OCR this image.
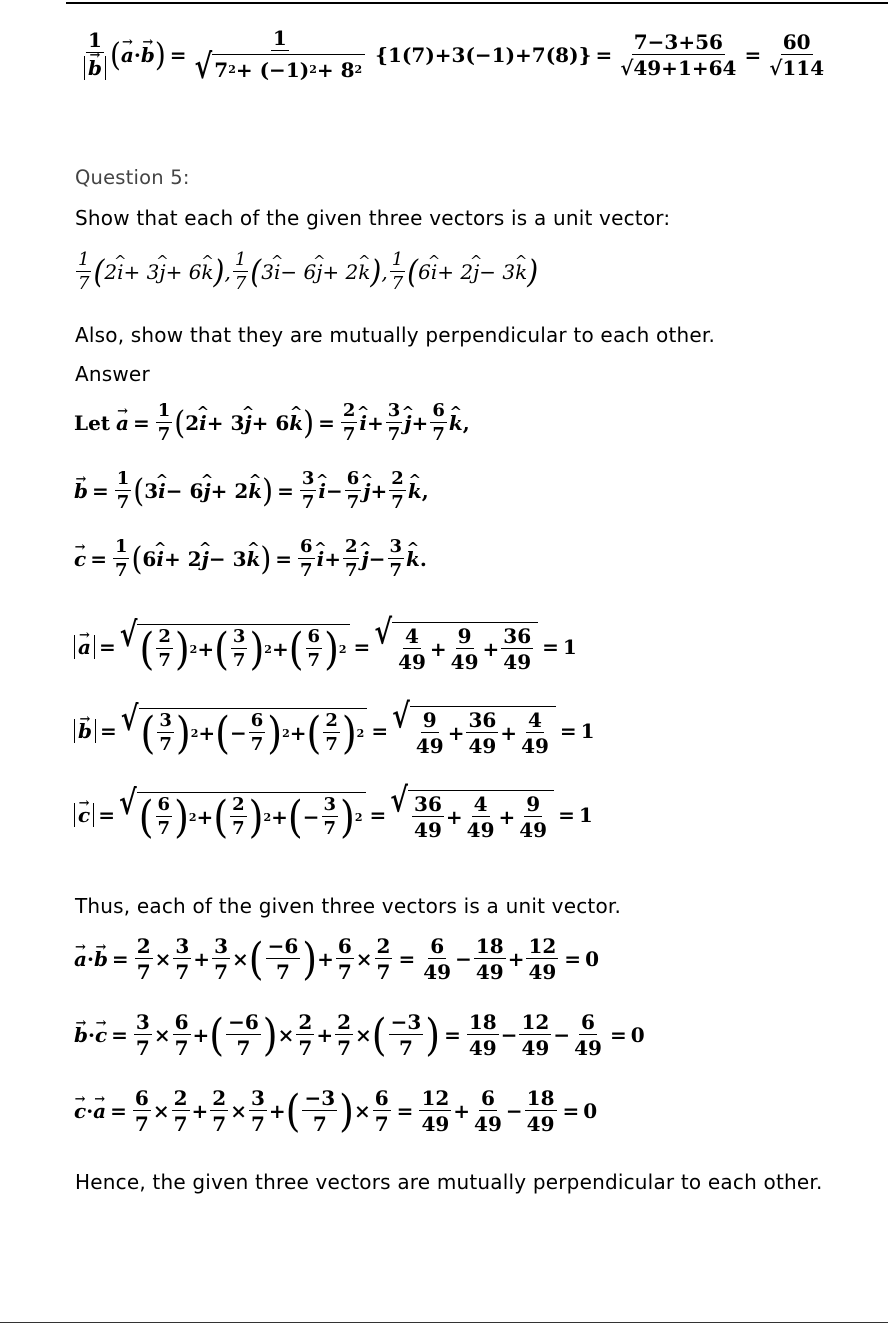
1
→ b ( → a · → b ) = $\frac{1}{√ 7 2 + (-1) 2 + 8 2} \{1(7)+3(-1)+7(8)\} = \frac{7-3+56}{√49+1+64} = \frac{60}{√114}$
Question 5:
Show that each of the given three vectors is a unit vector:
1
7 ( 2 ^ i + 3 ^ j + 6 ^ k ) ,
1
7 ( 3 ^ i − 6 ^ j + 2 ^ k ) ,
1
7 ( 6 ^ i + 2 ^ j − 3 ^ k )
Also, show that they are mutually perpendicular to each other.
Answer
Let → $a = \frac{1}{7}$ ( 2 ^ i + 3 ^ j + 6 ^ k ) = $\frac{2}{7}$ ^ i +
3
7 ^ j +
6
7 ^ k ,
→ $b = \frac{1}{7}$ ( 3 ^ i − 6 ^ j + 2 ^ k ) = $\frac{3}{7}$ ^ i −
6
7 ^ j +
2
7 ^ k ,
→ $c = \frac{1}{7}$ ( 6 ^ i + 2 ^ j − 3 ^ k ) = $\frac{6}{7}$ ^ i +
2
7 ^ j −
3
7 ^ k .
→ a = √ ( 2
7 ) 2 + ( 3
7 ) 2 + ( 6
7 ) 2 = √ 4
49
+
9
49
+
36
49
= 1
→ b = √ ( 3
7 ) 2 + ( −
6
7 ) 2 + ( 2
7 ) 2 = √ 9
49
+
36
49
+
4
49
= 1
→ c = √ ( 6
7 ) 2 + ( 2
7 ) 2 + ( −
3
7 ) 2 = √ 36
49
+
4
49
+
9
49
= 1
Thus, each of the given three vectors is a unit vector.
→ a · → $b = \frac{2}{7}$ ×
3
7
+
3
7
× ( −6
7 ) +
6
7
× $\frac{2}{7} = \frac{6}{49}$ −
18
49
+ $\frac{12}{49} = 0$
→ b · → $c = \frac{3}{7}$ ×
6
7
+ ( −6
7 ) ×
2
7
+
2
7
× ( −3
7 ) = $\frac{18}{49}$ −
12
49
− $\frac{6}{49} = 0$
→ c · → $a = \frac{6}{7}$ ×
2
7
+
2
7
×
3
7
+ ( −3
7 ) × $\frac{6}{7} = \frac{12}{49}$ +
6
49
− $\frac{18}{49} = 0$
Hence, the given three vectors are mutually perpendicular to each other.
